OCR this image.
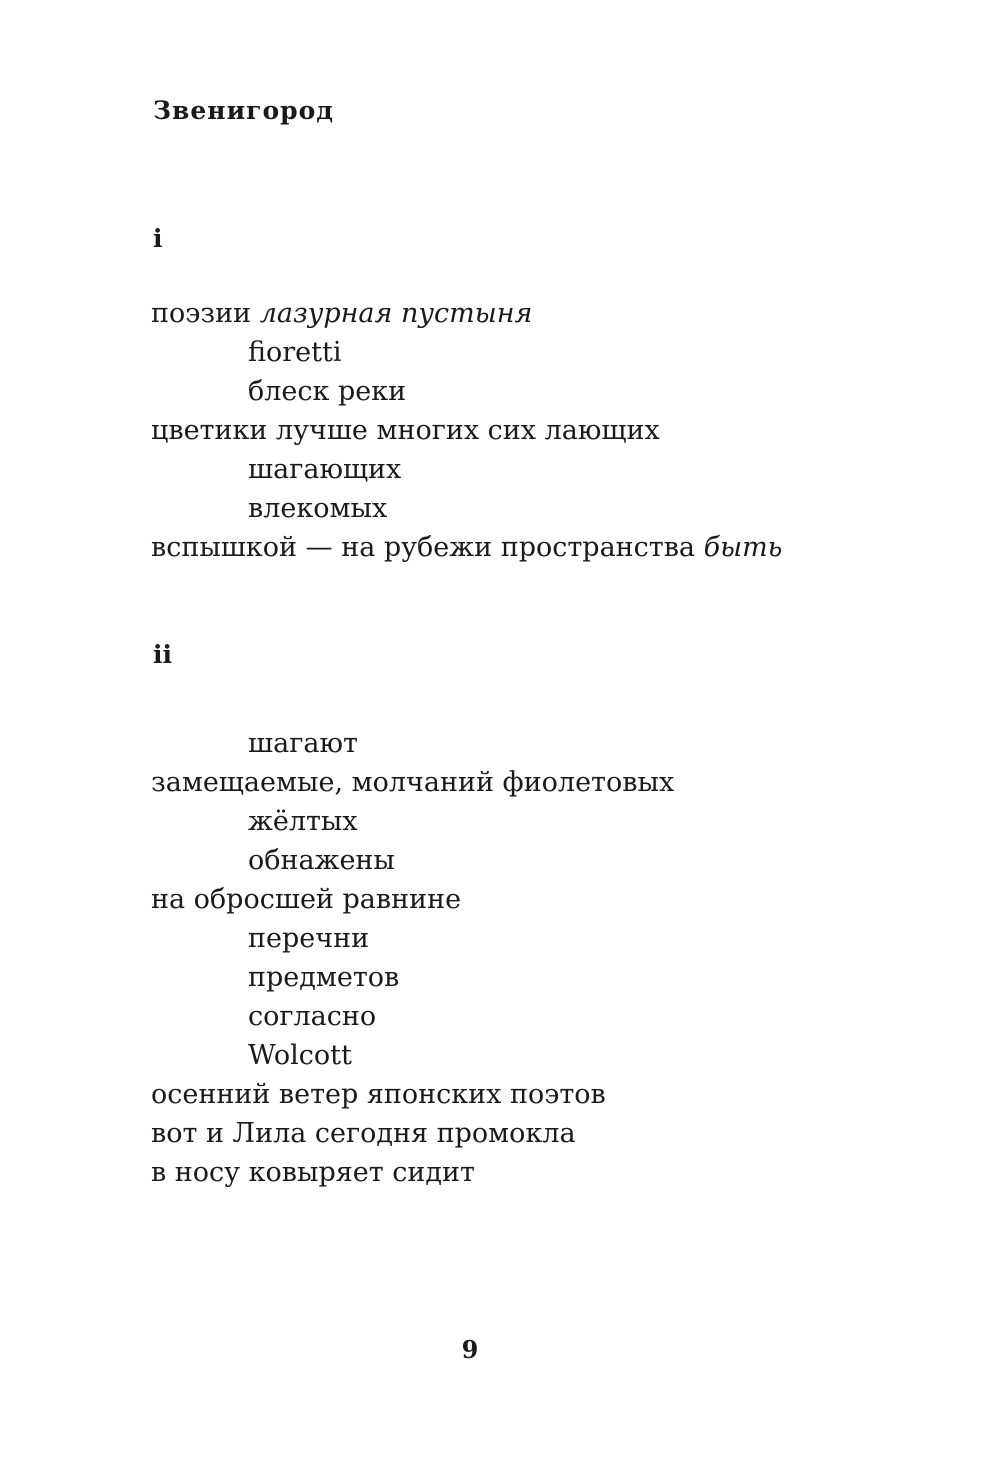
Звенигород
i
поэзии лазурная пустыня
fioretti
блеск реки
цветики лучше многих сих лающих
шагающих
влекомых
вспышкой — на рубежи пространства быть
ii
шагают
замещаемые, молчаний фиолетовых
жёлтых
обнажены
на обросшей равнине
перечни
предметов
согласно
Wolcott
осенний ветер японских поэтов
вот и Лила сегодня промокла
в носу ковыряет сидит
9
